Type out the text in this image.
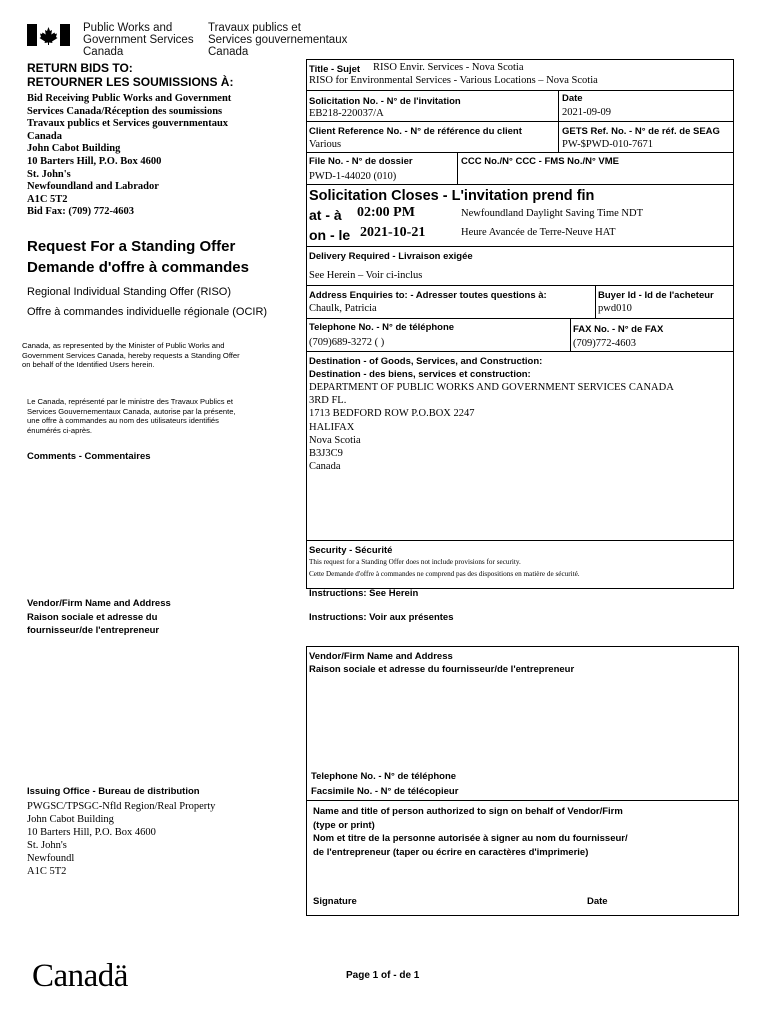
Public Works and
Government Services
Canada
Travaux publics et
Services gouvernementaux
Canada
RETURN BIDS TO:
RETOURNER LES SOUMISSIONS À:
Bid Receiving Public Works and Government
Services Canada/Réception des soumissions
Travaux publics et Services gouvernmentaux
Canada
John Cabot Building
10 Barters Hill, P.O. Box 4600
St. John's
Newfoundland and Labrador
A1C 5T2
Bid Fax: (709) 772-4603
Request For a Standing Offer
Demande d'offre à commandes
Regional Individual Standing Offer (RISO)
Offre à commandes individuelle régionale (OCIR)
Canada, as represented by the Minister of Public Works and
Government Services Canada, hereby requests a Standing Offer
on behalf of the Identified Users herein.
Le Canada, représenté par le ministre des Travaux Publics et
Services Gouvernementaux Canada, autorise par la présente,
une offre à commandes au nom des utilisateurs identifiés
énumérés ci-après.
Comments - Commentaires
Vendor/Firm Name and Address
Raison sociale et adresse du
fournisseur/de l'entrepreneur
Issuing Office - Bureau de distribution
PWGSC/TPSGC-Nfld Region/Real Property
John Cabot Building
10 Barters Hill, P.O. Box 4600
St. John's
Newfoundl
A1C 5T2
Title - Sujet RISO Envir. Services - Nova Scotia
RISO for Environmental Services - Various Locations – Nova Scotia
Solicitation No. - N° de l'invitation
EB218-220037/A
Date
2021-09-09
Client Reference No. - N° de référence du client
Various
GETS Ref. No. - N° de réf. de SEAG
PW-$PWD-010-7671
File No. - N° de dossier
PWD-1-44020 (010)
CCC No./N° CCC - FMS No./N° VME
Solicitation Closes - L'invitation prend fin
at - à 02:00 PM
on - le 2021-10-21
Newfoundland Daylight Saving Time NDT
Heure Avancée de Terre-Neuve HAT
Delivery Required - Livraison exigée
See Herein – Voir ci-inclus
Address Enquiries to: - Adresser toutes questions à:
Chaulk, Patricia
Buyer Id - Id de l'acheteur
pwd010
Telephone No. - N° de téléphone
(709)689-3272 ( )
FAX No. - N° de FAX
(709)772-4603
Destination - of Goods, Services, and Construction:
Destination - des biens, services et construction:
DEPARTMENT OF PUBLIC WORKS AND GOVERNMENT SERVICES CANADA
3RD FL.
1713 BEDFORD ROW P.O.BOX 2247
HALIFAX
Nova Scotia
B3J3C9
Canada
Security - Sécurité
This request for a Standing Offer does not include provisions for security.
Cette Demande d'offre à commandes ne comprend pas des dispositions en matière de sécurité.
Instructions: See Herein
Instructions: Voir aux présentes
Vendor/Firm Name and Address
Raison sociale et adresse du fournisseur/de l'entrepreneur
Telephone No. - N° de téléphone
Facsimile No. - N° de télécopieur
Name and title of person authorized to sign on behalf of Vendor/Firm
(type or print)
Nom et titre de la personne autorisée à signer au nom du fournisseur/
de l'entrepreneur (taper ou écrire en caractères d'imprimerie)
Signature	Date
Canadä	Page 1 of - de 1
